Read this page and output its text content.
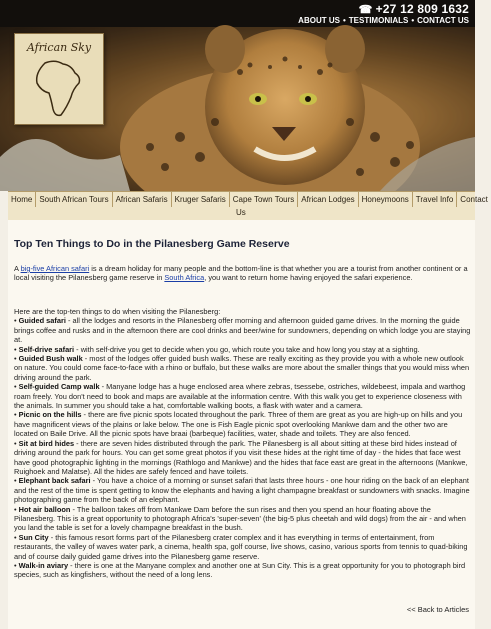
☎ +27 12 809 1632
ABOUT US • TESTIMONIALS • CONTACT US
African Sky
Home South African Tours African Safaris Kruger Safaris Cape Town Tours African Lodges Honeymoons Travel Info Contact
Us
Top Ten Things to Do in the Pilanesberg Game Reserve

A big-five African safari is a dream holiday for many people and the bottom-line is that whether you are a tourist from another continent or a local visiting the Pilanesberg game reserve in South Africa, you want to return home having enjoyed the safari experience.

Here are the top-ten things to do when visiting the Pilanesberg:

• Guided safari - all the lodges and resorts in the Pilanesberg offer morning and afternoon guided game drives. In the morning the guide brings coffee and rusks and in the afternoon there are cool drinks and beer/wine for sundowners, depending on which lodge you are staying at.

• Self-drive safari - with self-drive you get to decide when you go, which route you take and how long you stay at a sighting.

• Guided Bush walk - most of the lodges offer guided bush walks. These are really exciting as they provide you with a whole new outlook on nature. You could come face-to-face with a rhino or buffalo, but these walks are more about the smaller things that you would miss when driving around the park.

• Self-guided Camp walk - Manyane lodge has a huge enclosed area where zebras, tsessebe, ostriches, wildebeest, impala and warthog roam freely. You don't need to book and maps are available at the information centre. With this walk you get to experience closeness with the animals. In summer you should take a hat, comfortable walking boots, a flask with water and a camera.

• Picnic on the hills - there are five picnic spots located throughout the park. Three of them are great as you are high-up on hills and you have magnificent views of the plains or lake below. The one is Fish Eagle picnic spot overlooking Mankwe dam and the other two are located on Baile Drive. All the picnic spots have braai (barbeque) facilities, water, shade and toilets. They are also fenced.

• Sit at bird hides - there are seven hides distributed through the park. The Pilanesberg is all about sitting at these bird hides instead of driving around the park for hours. You can get some great photos if you visit these hides at the right time of day - the hides that face west have good photographic lighting in the mornings (Rathlogo and Mankwe) and the hides that face east are great in the afternoons (Mankwe, Ruighoek and Malatse). All the hides are safely fenced and have toilets.

• Elephant back safari - You have a choice of a morning or sunset safari that lasts three hours - one hour riding on the back of an elephant and the rest of the time is spent getting to know the elephants and having a light champagne breakfast or sundowners with snacks. Imagine photographing game from the back of an elephant.

• Hot air balloon - The balloon takes off from Mankwe Dam before the sun rises and then you spend an hour floating above the Pilanesberg. This is a great opportunity to photograph Africa's 'super-seven' (the big-5 plus cheetah and wild dogs) from the air - and when you land the table is set for a lovely champagne breakfast in the bush.

• Sun City - this famous resort forms part of the Pilanesberg crater complex and it has everything in terms of entertainment, from restaurants, the valley of waves water park, a cinema, health spa, golf course, live shows, casino, various sports from tennis to quad-biking and of course daily guided game drives into the Pilanesberg game reserve.

• Walk-in aviary - there is one at the Manyane complex and another one at Sun City. This is a great opportunity for you to photograph bird species, such as kingfishers, without the need of a long lens.

<< Back to Articles
